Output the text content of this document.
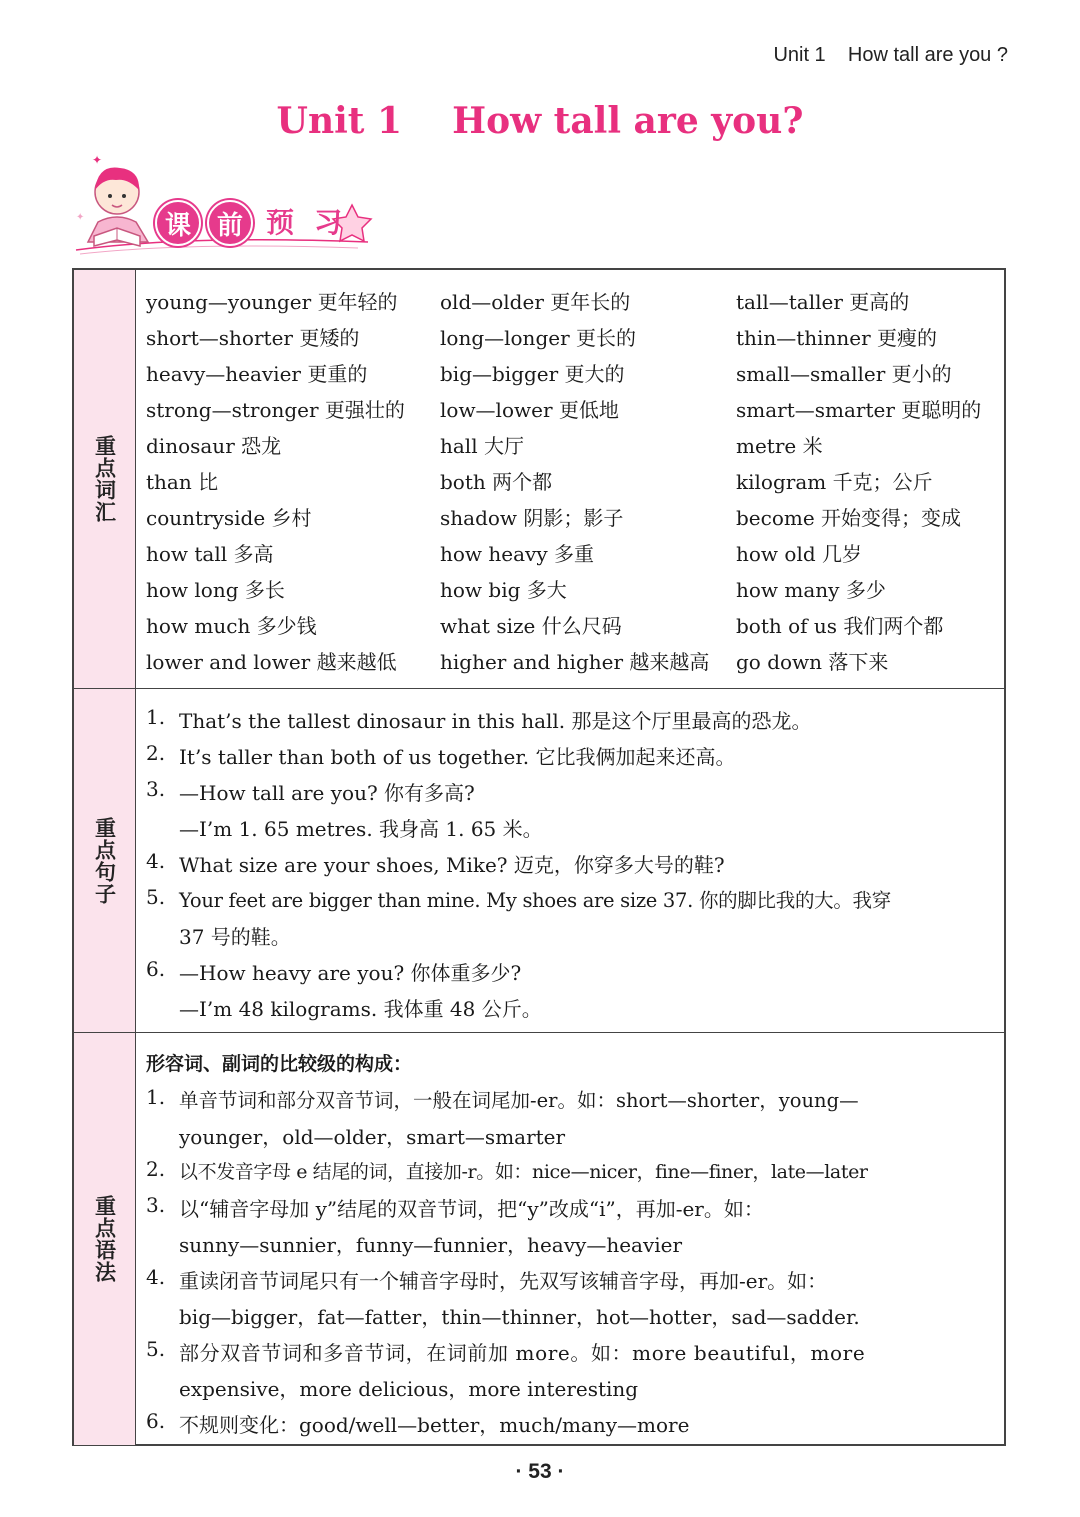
Unit 1    How tall are you ?
Unit 1    How tall are you?
✦
✦	课 前 预 习
重点词汇
young—younger 更年轻的 old—older 更年长的	tall—taller 更高的
short—shorter 更矮的	long—longer 更长的	thin—thinner 更瘦的
heavy—heavier 更重的	big—bigger 更大的	small—smaller 更小的
strong—stronger 更强壮的 low—lower 更低地	smart—smarter 更聪明的
dinosaur 恐龙	hall 大厅	metre 米
than 比	both 两个都	kilogram 千克；公斤
countryside 乡村	shadow 阴影；影子	become 开始变得；变成
how tall 多高	how heavy 多重	how old 几岁
how long 多长	how big 多大	how many 多少
how much 多少钱	what size 什么尺码	both of us 我们两个都
lower and lower 越来越低 higher and higher 越来越高 go down 落下来
重点句子
1. That’s the tallest dinosaur in this hall. 那是这个厅里最高的恐龙。
2. It’s taller than both of us together. 它比我俩加起来还高。
3. —How tall are you? 你有多高?
—I’m 1. 65 metres. 我身高 1. 65 米。
4. What size are your shoes, Mike? 迈克，你穿多大号的鞋?
5. Your feet are bigger than mine. My shoes are size 37. 你的脚比我的大。我穿
37 号的鞋。
6. —How heavy are you? 你体重多少?
—I’m 48 kilograms. 我体重 48 公斤。
重点语法
形容词、副词的比较级的构成：
1. 单音节词和部分双音节词，一般在词尾加-er。如：short—shorter，young—
younger，old—older，smart—smarter
2. 以不发音字母 e 结尾的词，直接加-r。如：nice—nicer，fine—finer，late—later
3. 以“辅音字母加 y”结尾的双音节词，把“y”改成“i”，再加-er。如：
sunny—sunnier，funny—funnier，heavy—heavier
4. 重读闭音节词尾只有一个辅音字母时，先双写该辅音字母，再加-er。如：
big—bigger，fat—fatter，thin—thinner，hot—hotter，sad—sadder.
5. 部分双音节词和多音节词，在词前加 more。如：more beautiful，more
expensive，more delicious，more interesting
6. 不规则变化：good/well—better，much/many—more
· 53 ·
